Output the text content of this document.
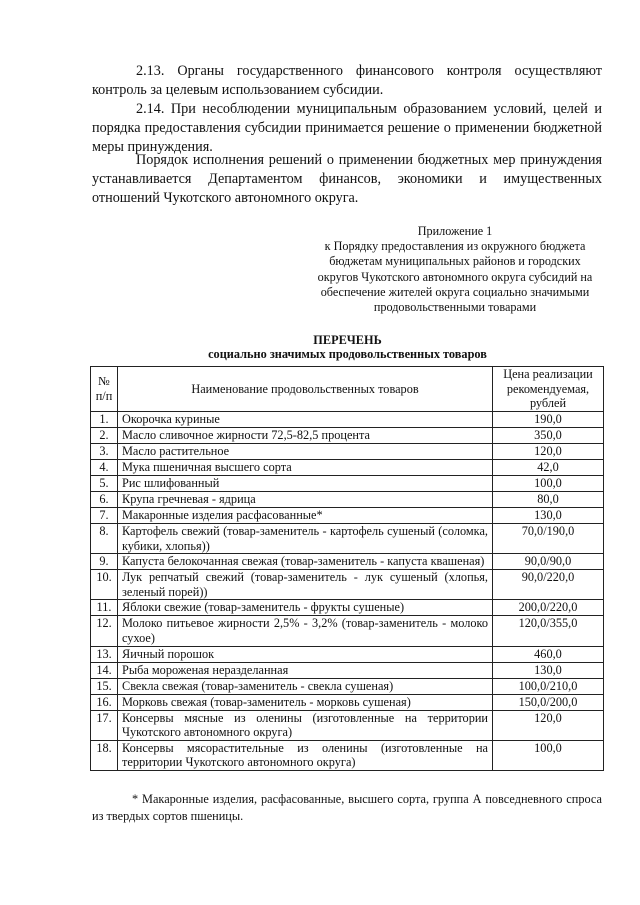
2.13. Органы государственного финансового контроля осуществляют контроль за целевым использованием субсидии.

2.14. При несоблюдении муниципальным образованием условий, целей и порядка предоставления субсидии принимается решение о применении бюджетной меры принуждения.

Порядок исполнения решений о применении бюджетных мер принуждения устанавливается Департаментом финансов, экономики и имущественных отношений Чукотского автономного округа.

Приложение 1
к Порядку предоставления из окружного бюджета
бюджетам муниципальных районов и городских
округов Чукотского автономного округа субсидий на
обеспечение жителей округа социально значимыми
продовольственными товарами
ПЕРЕЧЕНЬ
социально значимых продовольственных товаров
№ п/п	Наименование продовольственных товаров	Цена реализации рекомендуемая, рублей
1.	Окорочка куриные	190,0
2.	Масло сливочное жирности 72,5-82,5 процента	350,0
3.	Масло растительное	120,0
4.	Мука пшеничная высшего сорта	42,0
5.	Рис шлифованный	100,0
6.	Крупа гречневая - ядрица	80,0
7.	Макаронные изделия расфасованные*	130,0
8.	Картофель свежий (товар-заменитель - картофель сушеный (соломка, кубики, хлопья))	70,0/190,0
9.	Капуста белокочанная свежая (товар-заменитель - капуста квашеная)	90,0/90,0
10.	Лук репчатый свежий (товар-заменитель - лук сушеный (хлопья, зеленый порей))	90,0/220,0
11.	Яблоки свежие (товар-заменитель - фрукты сушеные)	200,0/220,0
12.	Молоко питьевое жирности 2,5% - 3,2% (товар-заменитель - молоко сухое)	120,0/355,0
13.	Яичный порошок	460,0
14.	Рыба мороженая неразделанная	130,0
15.	Свекла свежая (товар-заменитель - свекла сушеная)	100,0/210,0
16.	Морковь свежая (товар-заменитель - морковь сушеная)	150,0/200,0
17.	Консервы мясные из оленины (изготовленные на территории Чукотского автономного округа)	120,0
18.	Консервы мясорастительные из оленины (изготовленные на территории Чукотского автономного округа)	100,0
* Макаронные изделия, расфасованные, высшего сорта, группа А повседневного спроса из твердых сортов пшеницы.
